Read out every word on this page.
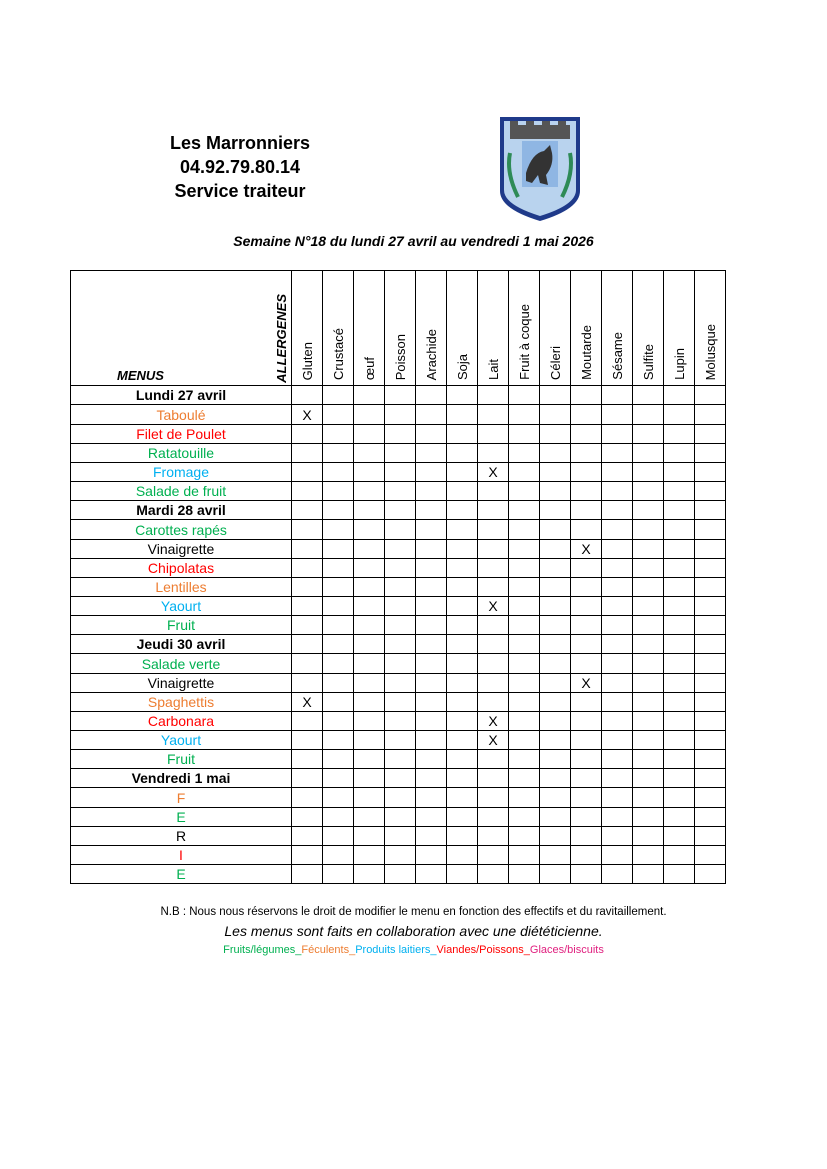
Les Marronniers
04.92.79.80.14
Service traiteur
Semaine N°18 du lundi 27 avril au vendredi 1 mai 2026
MENUS ALLERGENES	Gluten	Crustacé	œuf	Poisson	Arachide	Soja	Lait	Fruit à coque	Céleri	Moutarde	Sésame	Sulfite	Lupin	Molusque
Lundi 27 avril														
Taboulé	X													
Filet de Poulet														
Ratatouille														
Fromage							X							
Salade de fruit														
Mardi 28 avril														
Carottes rapés														
Vinaigrette										X				
Chipolatas														
Lentilles														
Yaourt							X							
Fruit														
Jeudi 30 avril														
Salade verte														
Vinaigrette										X				
Spaghettis	X													
Carbonara							X							
Yaourt							X							
Fruit														
Vendredi 1 mai														
F														
E														
R														
I														
E														
N.B : Nous nous réservons le droit de modifier le menu en fonction des effectifs et du ravitaillement.
Les menus sont faits en collaboration avec une diététicienne.
Fruits/légumes_Féculents_Produits laitiers_Viandes/Poissons_Glaces/biscuits
